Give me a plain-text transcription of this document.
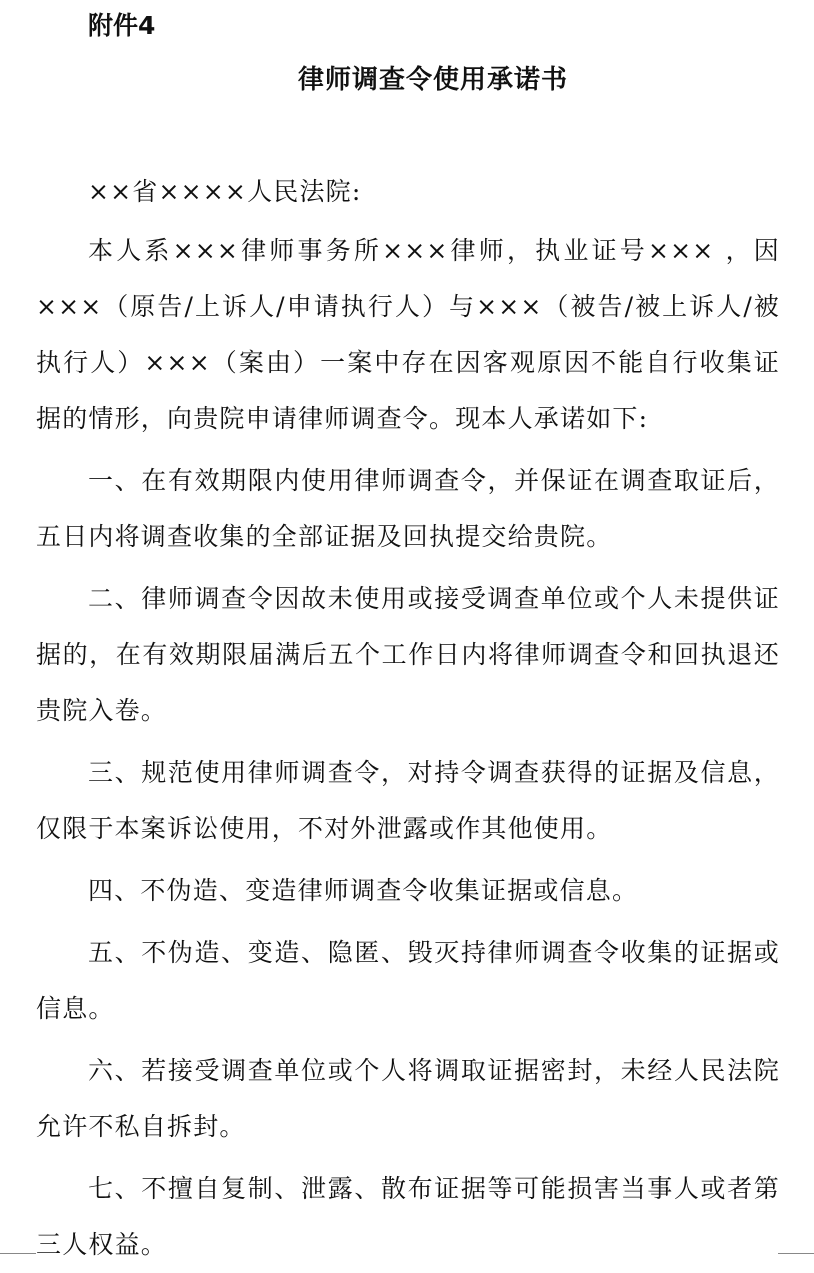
附件4
律师调查令使用承诺书

××省××××人民法院:

本人系×××律师事务所×××律师，执业证号××× ，因×××（原告/上诉人/申请执行人）与×××（被告/被上诉人/被执行人）×××（案由）一案中存在因客观原因不能自行收集证据的情形，向贵院申请律师调查令。现本人承诺如下:

一、在有效期限内使用律师调查令，并保证在调查取证后，五日内将调查收集的全部证据及回执提交给贵院。

二、律师调查令因故未使用或接受调查单位或个人未提供证据的，在有效期限届满后五个工作日内将律师调查令和回执退还贵院入卷。

三、规范使用律师调查令，对持令调查获得的证据及信息，仅限于本案诉讼使用，不对外泄露或作其他使用。

四、不伪造、变造律师调查令收集证据或信息。

五、不伪造、变造、隐匿、毁灭持律师调查令收集的证据或信息。

六、若接受调查单位或个人将调取证据密封，未经人民法院允许不私自拆封。

七、不擅自复制、泄露、散布证据等可能损害当事人或者第三人权益。
